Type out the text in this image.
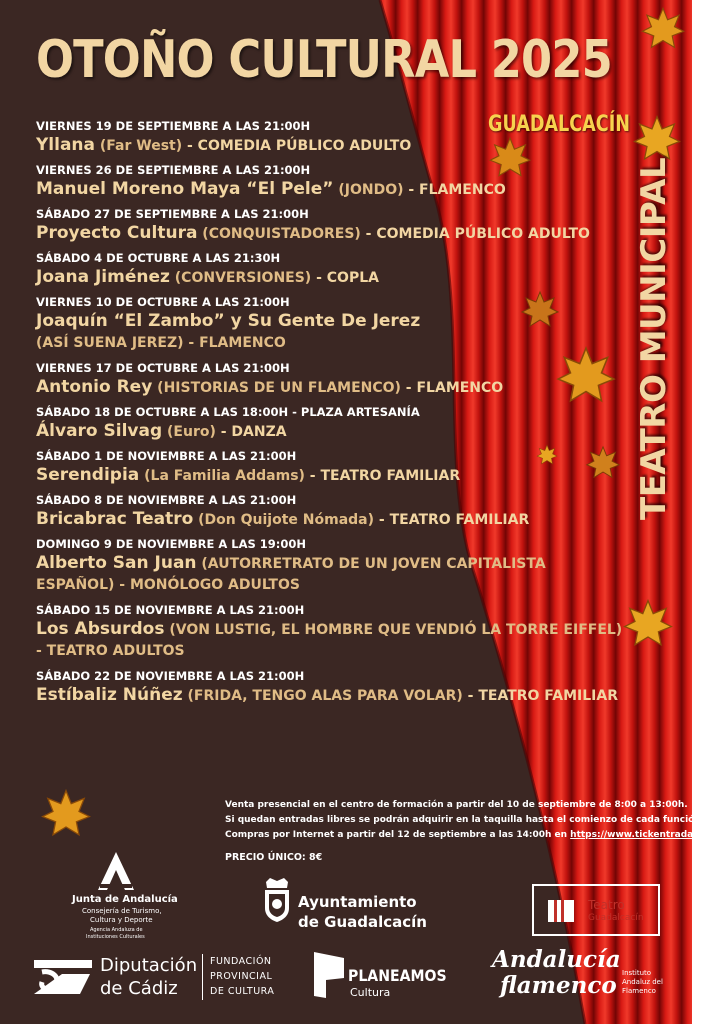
OTOÑO CULTURAL 2025
GUADALCACÍN
TEATRO MUNICIPAL
VIERNES 19 DE SEPTIEMBRE A LAS 21:00H
Yllana (Far West) - COMEDIA PÚBLICO ADULTO
VIERNES 26 DE SEPTIEMBRE A LAS 21:00H
Manuel Moreno Maya “El Pele” (JONDO) - FLAMENCO
SÁBADO 27 DE SEPTIEMBRE A LAS 21:00H
Proyecto Cultura (CONQUISTADORES) - COMEDIA PÚBLICO ADULTO
SÁBADO 4 DE OCTUBRE A LAS 21:30H
Joana Jiménez (CONVERSIONES) - COPLA
VIERNES 10 DE OCTUBRE A LAS 21:00H
Joaquín “El Zambo” y Su Gente De Jerez
(ASÍ SUENA JEREZ) - FLAMENCO
VIERNES 17 DE OCTUBRE A LAS 21:00H
Antonio Rey (HISTORIAS DE UN FLAMENCO) - FLAMENCO
SÁBADO 18 DE OCTUBRE A LAS 18:00H - PLAZA ARTESANÍA
Álvaro Silvag (Euro) - DANZA
SÁBADO 1 DE NOVIEMBRE A LAS 21:00H
Serendipia (La Familia Addams) - TEATRO FAMILIAR
SÁBADO 8 DE NOVIEMBRE A LAS 21:00H
Bricabrac Teatro (Don Quijote Nómada) - TEATRO FAMILIAR
DOMINGO 9 DE NOVIEMBRE A LAS 19:00H
Alberto San Juan (AUTORRETRATO DE UN JOVEN CAPITALISTA
ESPAÑOL) - MONÓLOGO ADULTOS
SÁBADO 15 DE NOVIEMBRE A LAS 21:00H
Los Absurdos (VON LUSTIG, EL HOMBRE QUE VENDIÓ LA TORRE EIFFEL)
- TEATRO ADULTOS
SÁBADO 22 DE NOVIEMBRE A LAS 21:00H
Estíbaliz Núñez (FRIDA, TENGO ALAS PARA VOLAR) - TEATRO FAMILIAR
Venta presencial en el centro de formación a partir del 10 de septiembre de 8:00 a 13:00h.
Si quedan entradas libres se podrán adquirir en la taquilla hasta el comienzo de cada función.
Compras por Internet a partir del 12 de septiembre a las 14:00h en https://www.tickentradas.com/
PRECIO ÚNICO: 8€
Junta de Andalucía
Consejería de Turismo,
Cultura y Deporte
Agencia Andaluza de
Instituciones Culturales
Ayuntamiento
de Guadalcacín
Teatro
Guadalcacín
Diputación
de Cádiz
FUNDACIÓN
PROVINCIAL
DE CULTURA
PLANEAMOS
Cultura
Andalucía
flamenco Instituto
Andaluz del
Flamenco
